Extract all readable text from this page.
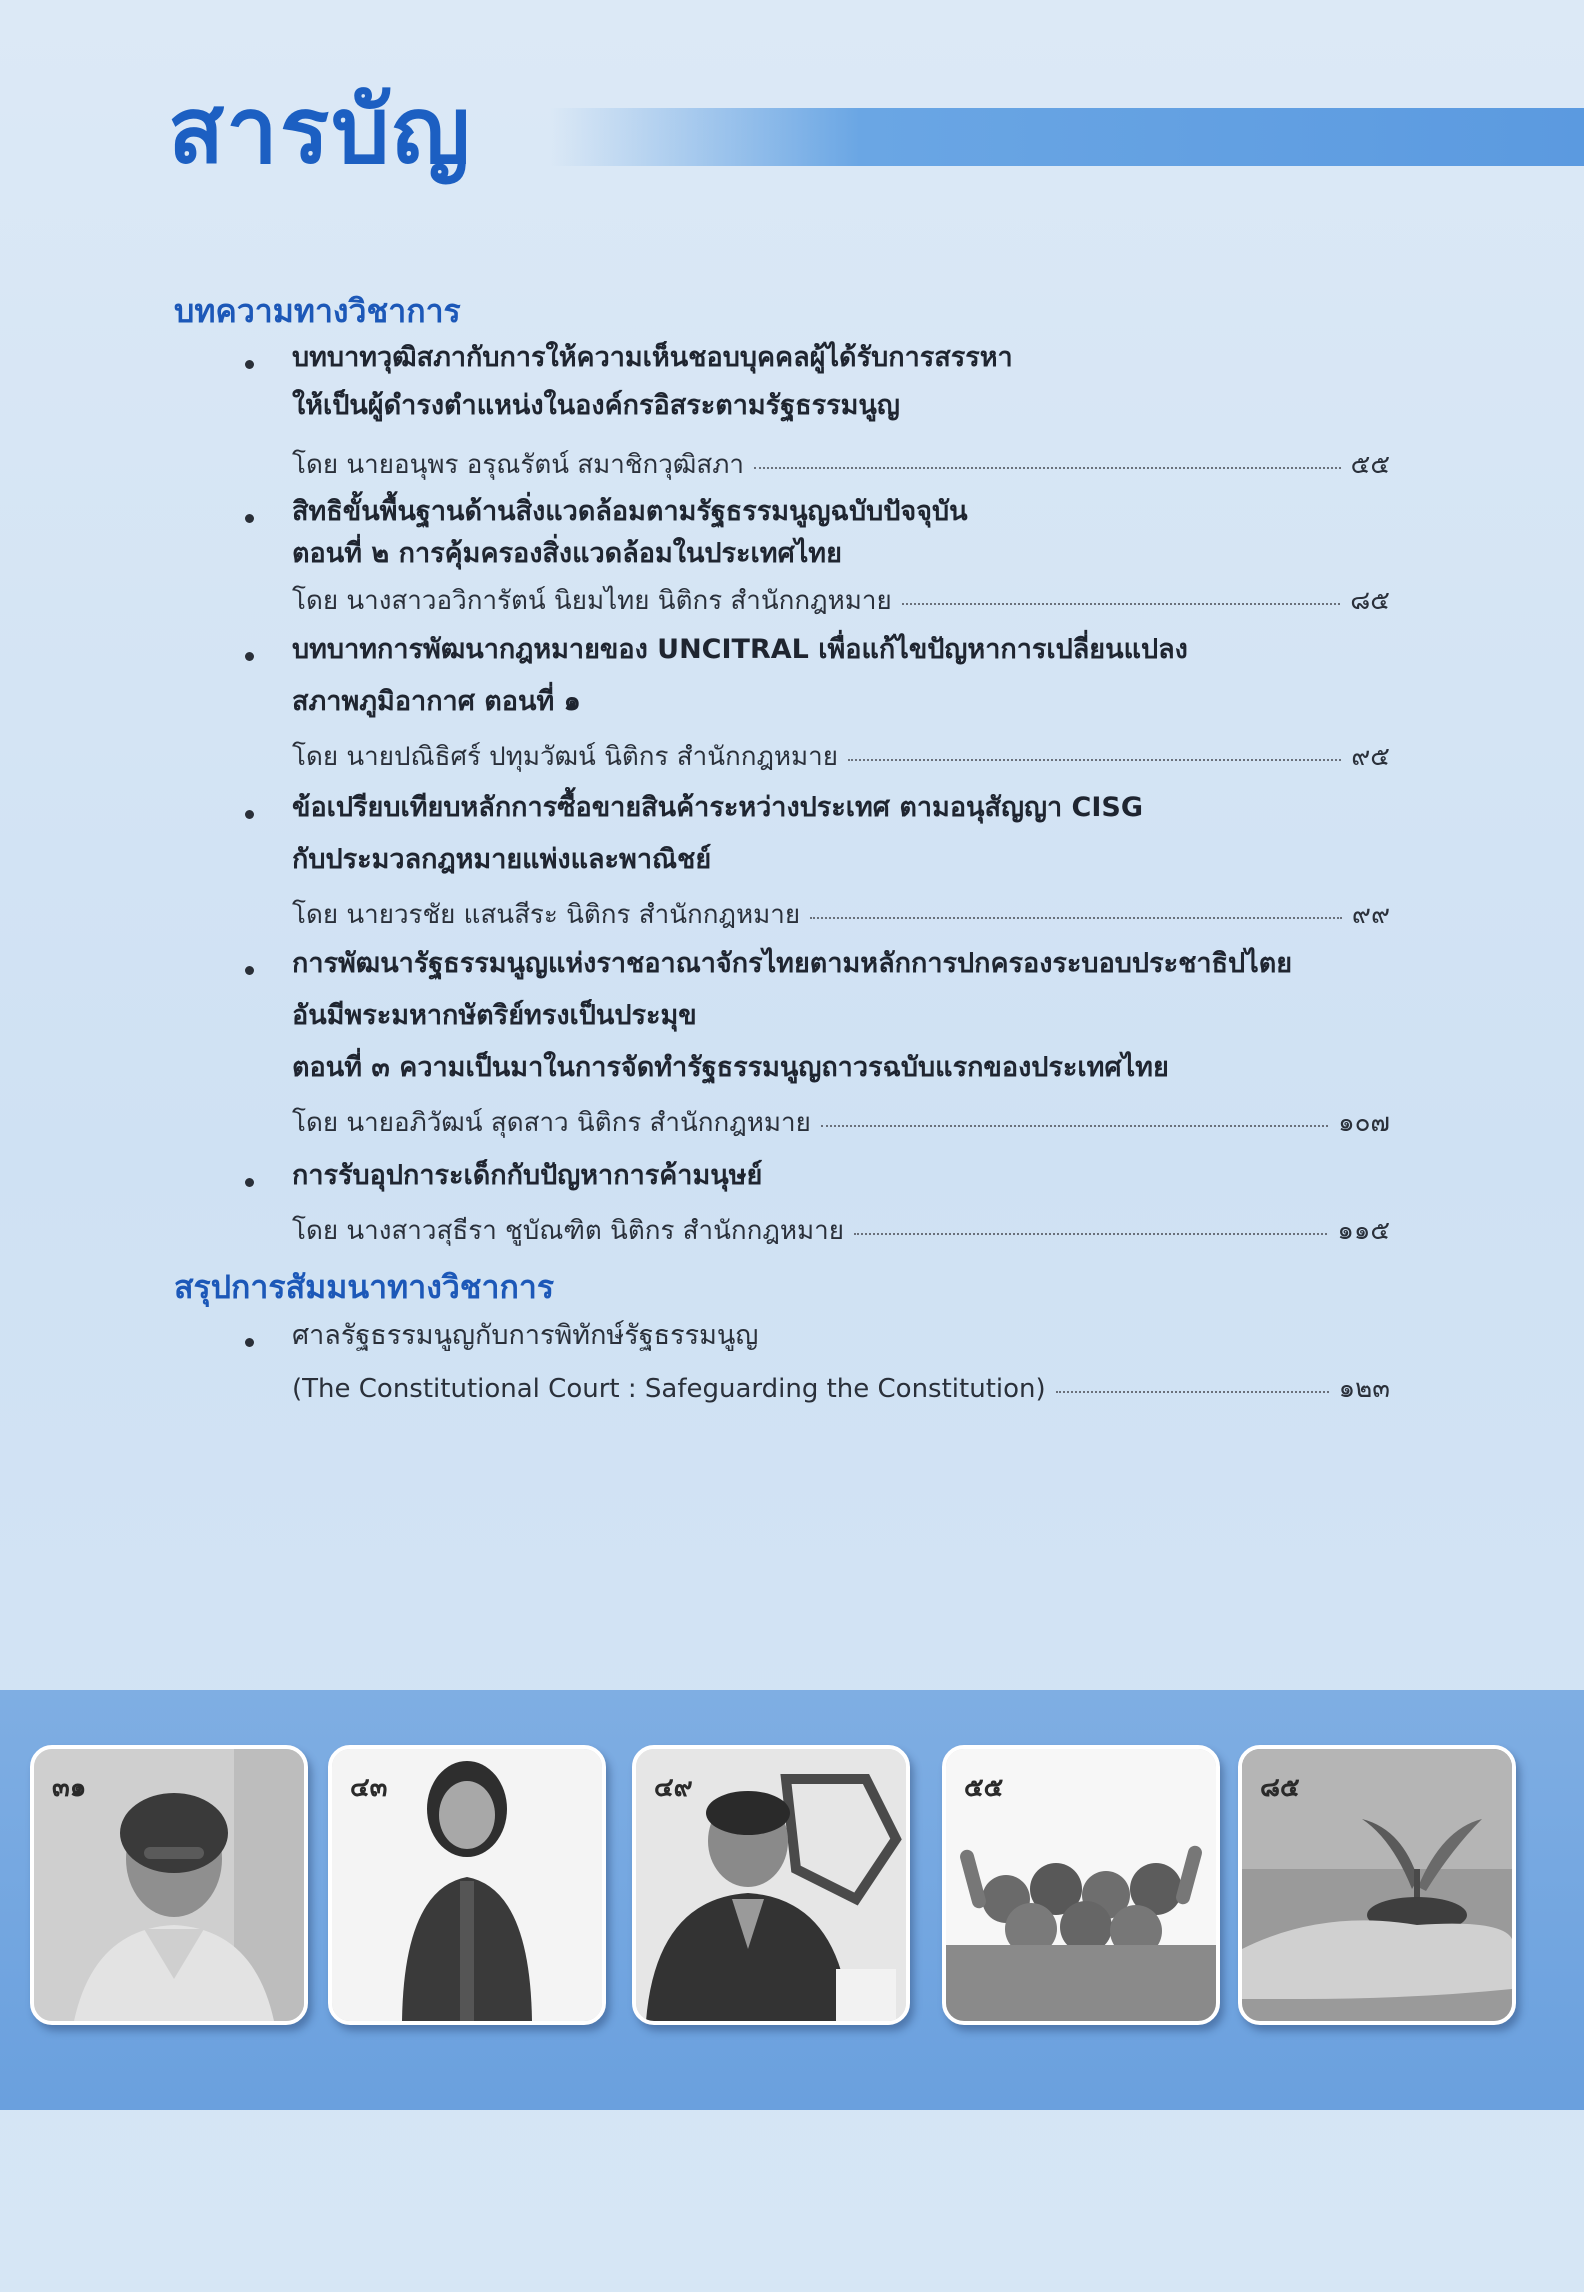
สารบัญ
บทความทางวิชาการ
บทบาทวุฒิสภากับการให้ความเห็นชอบบุคคลผู้ได้รับการสรรหา
ให้เป็นผู้ดำรงตำแหน่งในองค์กรอิสระตามรัฐธรรมนูญ
โดย นายอนุพร อรุณรัตน์ สมาชิกวุฒิสภา	๕๕
สิทธิขั้นพื้นฐานด้านสิ่งแวดล้อมตามรัฐธรรมนูญฉบับปัจจุบัน
ตอนที่ ๒ การคุ้มครองสิ่งแวดล้อมในประเทศไทย
โดย นางสาวอวิการัตน์ นิยมไทย นิติกร สำนักกฎหมาย	๘๕
บทบาทการพัฒนากฎหมายของ UNCITRAL เพื่อแก้ไขปัญหาการเปลี่ยนแปลง
สภาพภูมิอากาศ ตอนที่ ๑
โดย นายปณิธิศร์ ปทุมวัฒน์ นิติกร สำนักกฎหมาย	๙๕
ข้อเปรียบเทียบหลักการซื้อขายสินค้าระหว่างประเทศ ตามอนุสัญญา CISG
กับประมวลกฎหมายแพ่งและพาณิชย์
โดย นายวรชัย แสนสีระ นิติกร สำนักกฎหมาย	๙๙
การพัฒนารัฐธรรมนูญแห่งราชอาณาจักรไทยตามหลักการปกครองระบอบประชาธิปไตย
อันมีพระมหากษัตริย์ทรงเป็นประมุข
ตอนที่ ๓ ความเป็นมาในการจัดทำรัฐธรรมนูญถาวรฉบับแรกของประเทศไทย
โดย นายอภิวัฒน์ สุดสาว นิติกร สำนักกฎหมาย	๑๐๗
การรับอุปการะเด็กกับปัญหาการค้ามนุษย์
โดย นางสาวสุธีรา ชูบัณฑิต นิติกร สำนักกฎหมาย	๑๑๕
สรุปการสัมมนาทางวิชาการ
ศาลรัฐธรรมนูญกับการพิทักษ์รัฐธรรมนูญ
(The Constitutional Court : Safeguarding the Constitution)	๑๒๓
๓๑	๔๓	๔๙	๕๕	๘๕
